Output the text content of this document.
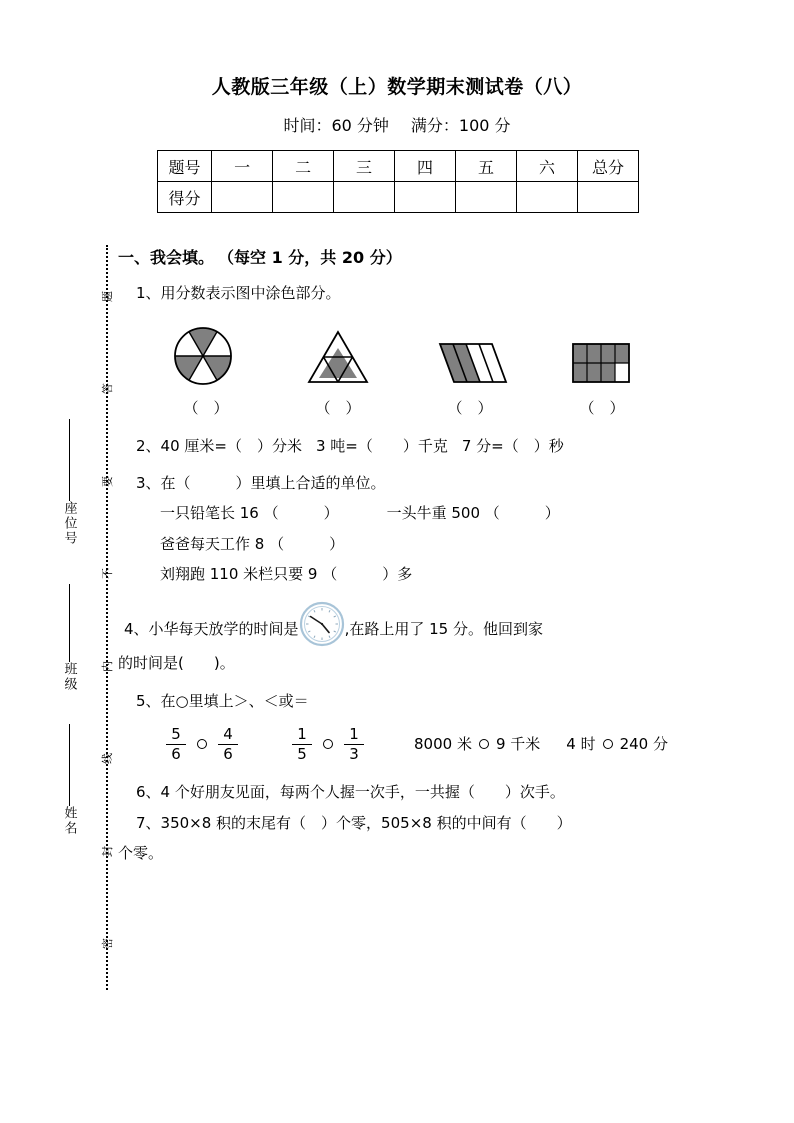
题
答
要
不
内
线
封
密
座位号
班级
姓名
人教版三年级（上）数学期末测试卷（八）
时间：60 分钟 满分：100 分
题号	一	二	三	四	五	六	总分
得分							
一、我会填。 （每空 1 分，共 20 分）
1、用分数表示图中涂色部分。
（　）	（　）	（　）	（　）
2、40 厘米=（　）分米 3 吨=（　　）千克 7 分=（　）秒
3、在（　　　）里填上合适的单位。
一只铅笔长 16 （　　　）	一头牛重 500 （　　　）
爸爸每天工作 8 （　　　）
刘翔跑 110 米栏只要 9 （　　　）多
4、小华每天放学的时间是	,在路上用了 15 分。他回到家
的时间是(　　)。
5、在○里填上＞、＜或＝
$\frac{5}{6} \frac{4}{6}$	$\frac{1}{5} \frac{1}{3}$	8000 米 9 千米 4 时 240 分
6、4 个好朋友见面，每两个人握一次手，一共握（　　）次手。
7、350×8 积的末尾有（　）个零，505×8 积的中间有（　　）
个零。
